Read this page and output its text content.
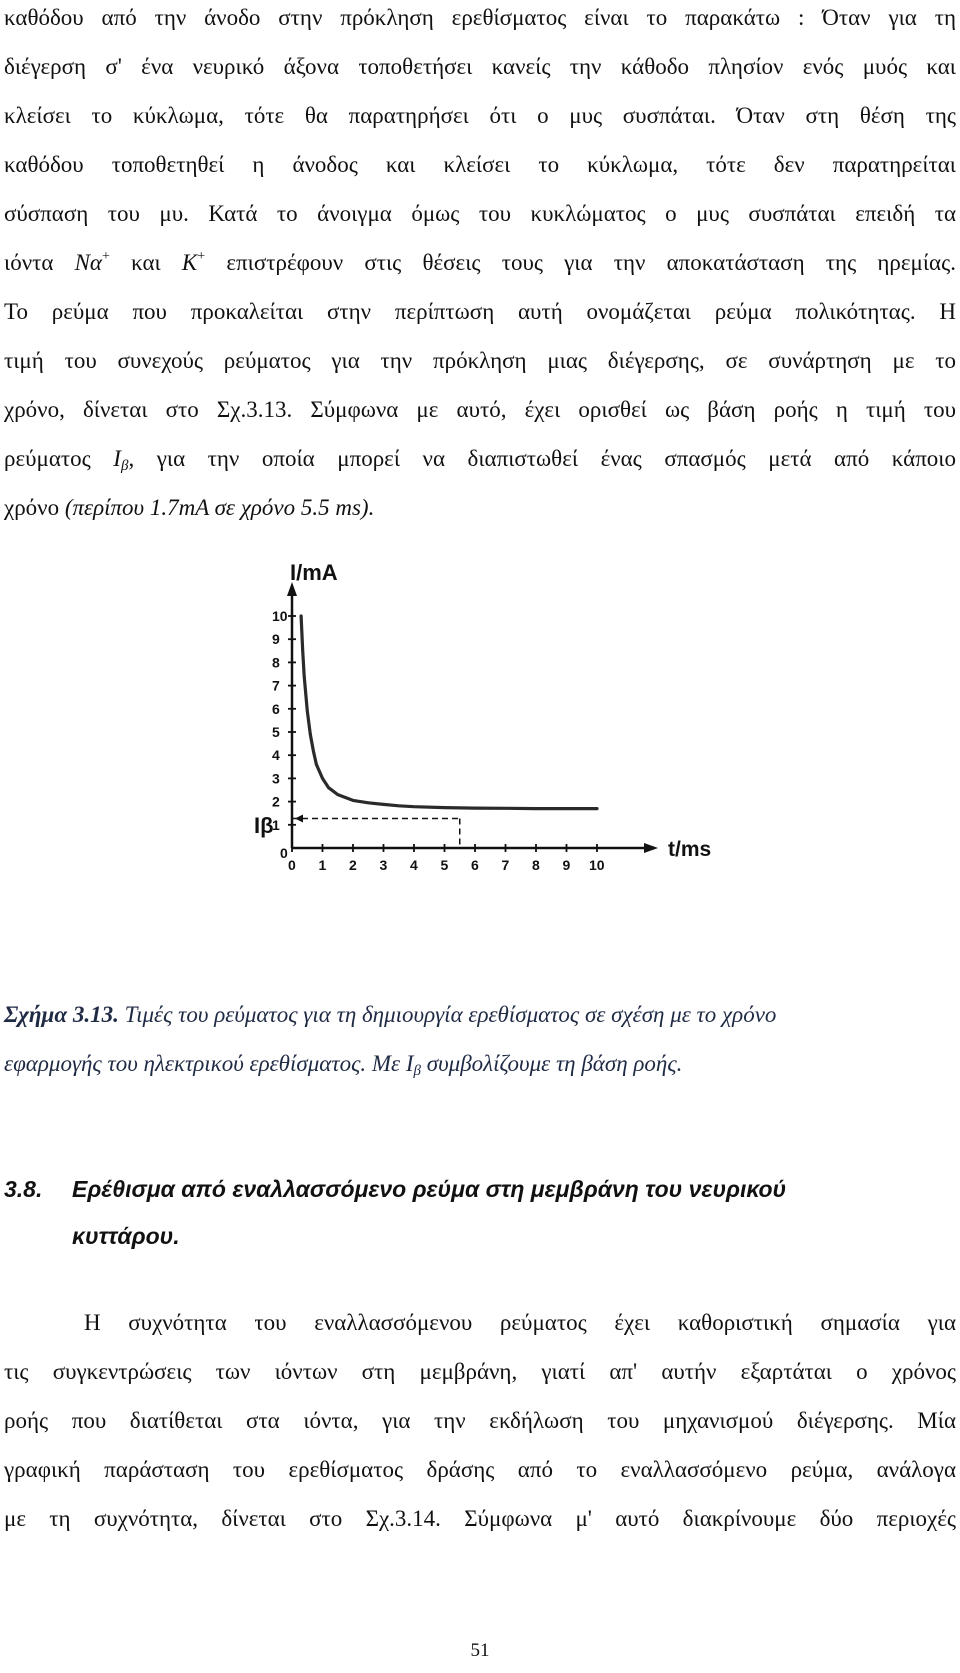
καθόδου από την άνοδο στην πρόκληση ερεθίσματος είναι το παρακάτω : Όταν για τη
διέγερση σ' ένα νευρικό άξονα τοποθετήσει κανείς την κάθοδο πλησίον ενός μυός και
κλείσει το κύκλωμα, τότε θα παρατηρήσει ότι ο μυς συσπάται. Όταν στη θέση της
καθόδου τοποθετηθεί η άνοδος και κλείσει το κύκλωμα, τότε δεν παρατηρείται
σύσπαση του μυ. Κατά το άνοιγμα όμως του κυκλώματος ο μυς συσπάται επειδή τα
ιόντα Να+ και K+ επιστρέφουν στις θέσεις τους για την αποκατάσταση της ηρεμίας.
Το ρεύμα που προκαλείται στην περίπτωση αυτή ονομάζεται ρεύμα πολικότητας. Η
τιμή του συνεχούς ρεύματος για την πρόκληση μιας διέγερσης, σε συνάρτηση με το
χρόνο, δίνεται στο Σχ.3.13. Σύμφωνα με αυτό, έχει ορισθεί ως βάση ροής η τιμή του
ρεύματος $I_\beta$, για την οποία μπορεί να διαπιστωθεί ένας σπασμός μετά από κάποιο
χρόνο (περίπου 1.7mA σε χρόνο 5.5 ms).
0 1 2 3 4 5 6 7 8 9 10
1
2
3
4
5
6
7
8
9
10
0
I/mA
t/ms
Iβ
Σχήμα 3.13. Τιμές του ρεύματος για τη δημιουργία ερεθίσματος σε σχέση με το χρόνο
εφαρμογής του ηλεκτρικού ερεθίσματος. Με $I_\beta$ συμβολίζουμε τη βάση ροής.
3.8. Ερέθισμα από εναλλασσόμενο ρεύμα στη μεμβράνη του νευρικού
κυττάρου.
Η συχνότητα του εναλλασσόμενου ρεύματος έχει καθοριστική σημασία για
τις συγκεντρώσεις των ιόντων στη μεμβράνη, γιατί απ' αυτήν εξαρτάται ο χρόνος
ροής που διατίθεται στα ιόντα, για την εκδήλωση του μηχανισμού διέγερσης. Μία
γραφική παράσταση του ερεθίσματος δράσης από το εναλλασσόμενο ρεύμα, ανάλογα
με τη συχνότητα, δίνεται στο Σχ.3.14. Σύμφωνα μ' αυτό διακρίνουμε δύο περιοχές
51
